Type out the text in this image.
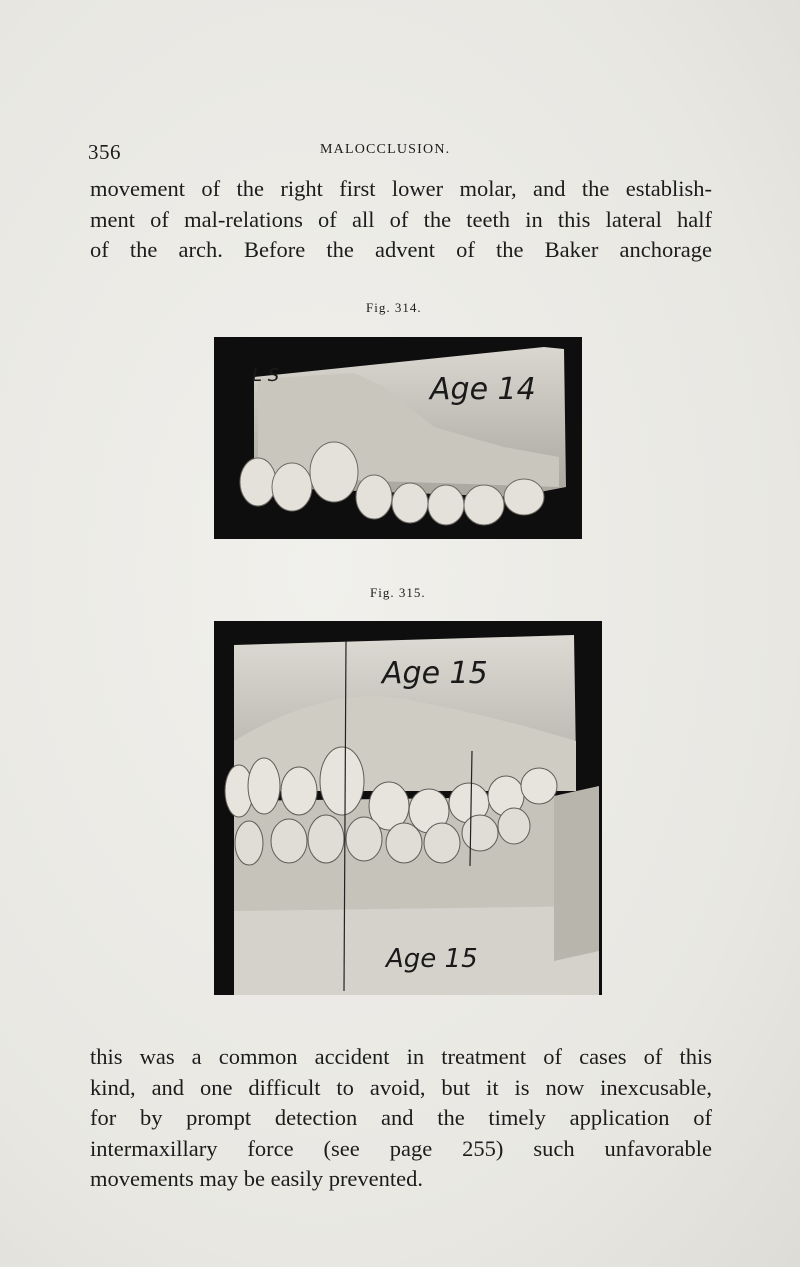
356	MALOCCLUSION.
movement of the right first lower molar, and the establish-
ment of mal-relations of all of the teeth in this lateral half
of the arch. Before the advent of the Baker anchorage
Fig. 314.
Age 14
L S
Fig. 315.
Age 15
Age 15
this was a common accident in treatment of cases of this
kind, and one difficult to avoid, but it is now inexcusable,
for by prompt detection and the timely application of
intermaxillary force (see page 255) such unfavorable
movements may be easily prevented.
